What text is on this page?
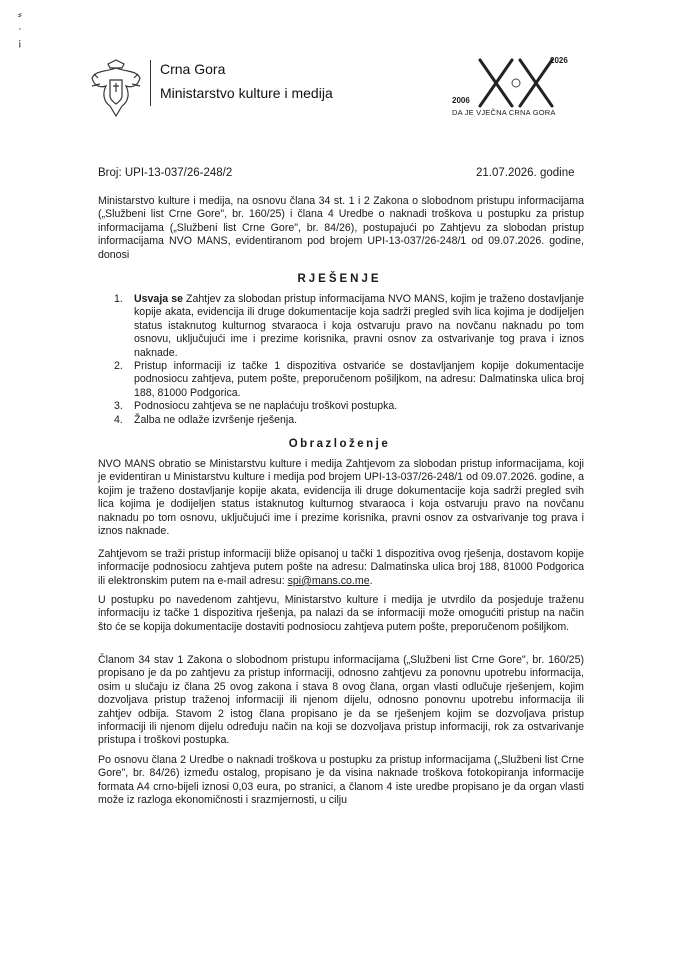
⸗
·
¡
Crna Gora
Ministarstvo kulture i medija	2006
2026
DA JE VJEČNA CRNA GORA
Broj: UPI-13-037/26-248/2	21.07.2026. godine
Ministarstvo kulture i medija, na osnovu člana 34 st. 1 i 2 Zakona o slobodnom pristupu informacijama („Službeni list Crne Gore", br. 160/25) i člana 4 Uredbe o naknadi troškova u postupku za pristup informacijama („Službeni list Crne Gore", br. 84/26), postupajući po Zahtjevu za slobodan pristup informacijama NVO MANS, evidentiranom pod brojem UPI-13-037/26-248/1 od 09.07.2026. godine, donosi
RJEŠENJE
1. Usvaja se Zahtjev za slobodan pristup informacijama NVO MANS, kojim je traženo dostavljanje kopije akata, evidencija ili druge dokumentacije koja sadrži pregled svih lica kojima je dodijeljen status istaknutog kulturnog stvaraoca i koja ostvaruju pravo na novčanu naknadu po tom osnovu, uključujući ime i prezime korisnika, pravni osnov za ostvarivanje tog prava i iznos naknade.
2. Pristup informaciji iz tačke 1 dispozitiva ostvariće se dostavljanjem kopije dokumentacije podnosiocu zahtjeva, putem pošte, preporučenom pošiljkom, na adresu: Dalmatinska ulica broj 188, 81000 Podgorica.
3. Podnosiocu zahtjeva se ne naplaćuju troškovi postupka.
4. Žalba ne odlaže izvršenje rješenja.
Obrazloženje
NVO MANS obratio se Ministarstvu kulture i medija Zahtjevom za slobodan pristup informacijama, koji je evidentiran u Ministarstvu kulture i medija pod brojem UPI-13-037/26-248/1 od 09.07.2026. godine, a kojim je traženo dostavljanje kopije akata, evidencija ili druge dokumentacije koja sadrži pregled svih lica kojima je dodijeljen status istaknutog kulturnog stvaraoca i koja ostvaruju pravo na novčanu naknadu po tom osnovu, uključujući ime i prezime korisnika, pravni osnov za ostvarivanje tog prava i iznos naknade.
Zahtjevom se traži pristup informaciji bliže opisanoj u tački 1 dispozitiva ovog rješenja, dostavom kopije informacije podnosiocu zahtjeva putem pošte na adresu: Dalmatinska ulica broj 188, 81000 Podgorica ili elektronskim putem na e-mail adresu: spi@mans.co.me.
U postupku po navedenom zahtjevu, Ministarstvo kulture i medija je utvrdilo da posjeduje traženu informaciju iz tačke 1 dispozitiva rješenja, pa nalazi da se informaciji može omogućiti pristup na način što će se kopija dokumentacije dostaviti podnosiocu zahtjeva putem pošte, preporučenom pošiljkom.
Članom 34 stav 1 Zakona o slobodnom pristupu informacijama („Službeni list Crne Gore", br. 160/25) propisano je da po zahtjevu za pristup informaciji, odnosno zahtjevu za ponovnu upotrebu informacija, osim u slučaju iz člana 25 ovog zakona i stava 8 ovog člana, organ vlasti odlučuje rješenjem, kojim dozvoljava pristup traženoj informaciji ili njenom dijelu, odnosno ponovnu upotrebu informacija ili zahtjev odbija. Stavom 2 istog člana propisano je da se rješenjem kojim se dozvoljava pristup informaciji ili njenom dijelu određuju način na koji se dozvoljava pristup informaciji, rok za ostvarivanje pristupa i troškovi postupka.
Po osnovu člana 2 Uredbe o naknadi troškova u postupku za pristup informacijama („Službeni list Crne Gore", br. 84/26) između ostalog, propisano je da visina naknade troškova fotokopiranja informacije formata A4 crno-bijeli iznosi 0,03 eura, po stranici, a članom 4 iste uredbe propisano je da organ vlasti može iz razloga ekonomičnosti i srazmjernosti, u cilju
